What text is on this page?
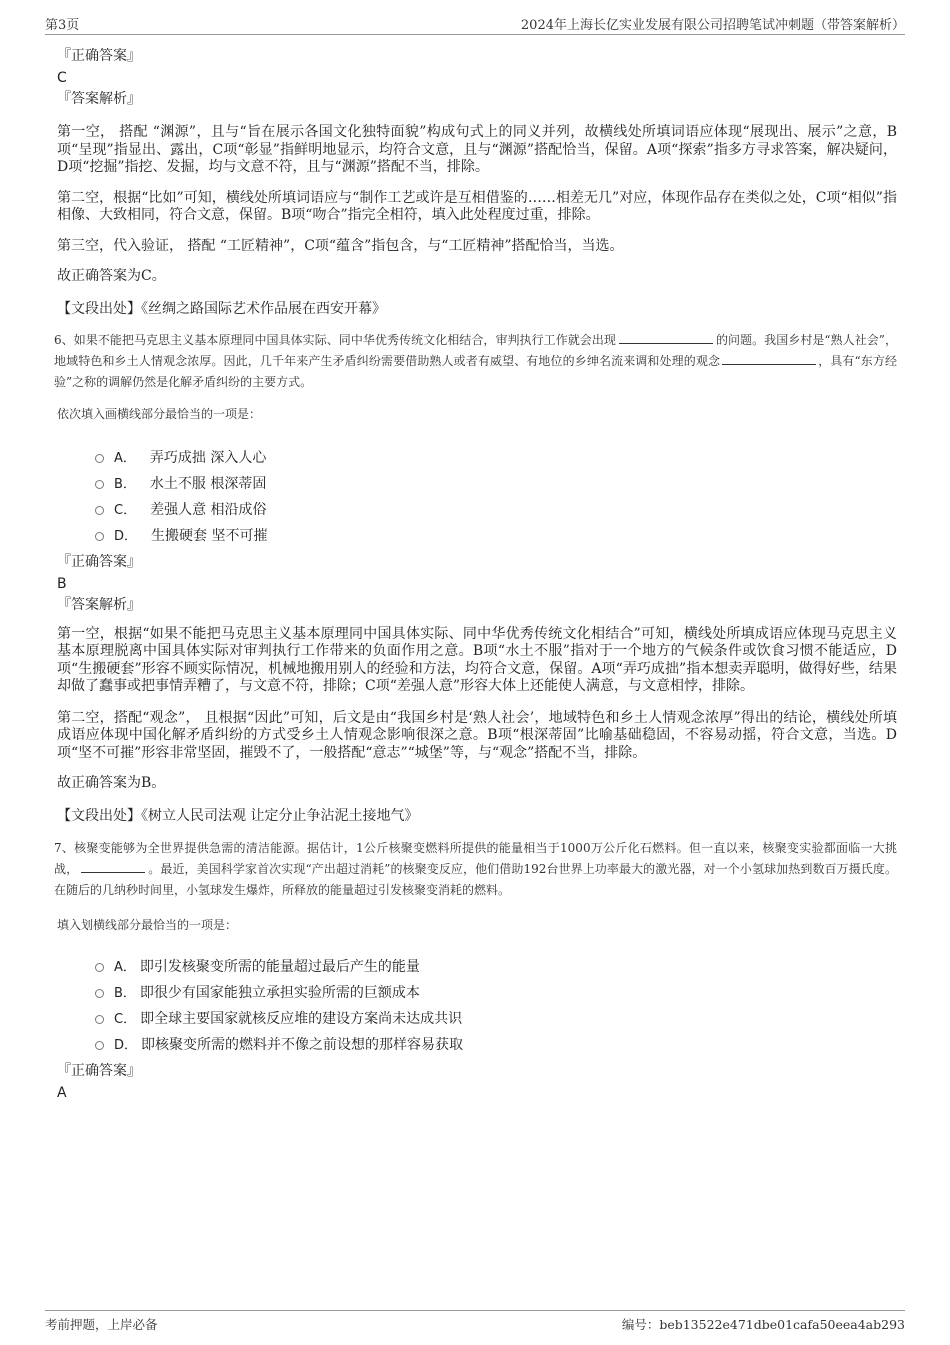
第3页	2024年上海长亿实业发展有限公司招聘笔试冲刺题（带答案解析）
『正确答案』
C
『答案解析』

第一空， 搭配 “渊源”，且与“旨在展示各国文化独特面貌”构成句式上的同义并列，故横线处所填词语应体现“展现出、展示”之意，B项“呈现”指显出、露出，C项“彰显”指鲜明地显示，均符合文意，且与“渊源”搭配恰当，保留。A项“探索”指多方寻求答案，解决疑问，D项“挖掘”指挖、发掘，均与文意不符，且与“渊源”搭配不当，排除。

第二空，根据“比如”可知，横线处所填词语应与“制作工艺或许是互相借鉴的……相差无几”对应，体现作品存在类似之处，C项“相似”指相像、大致相同，符合文意，保留。B项“吻合”指完全相符，填入此处程度过重，排除。

第三空，代入验证， 搭配 “工匠精神”，C项“蕴含”指包含，与“工匠精神”搭配恰当，当选。

故正确答案为C。

【文段出处】《丝绸之路国际艺术作品展在西安开幕》

6、如果不能把马克思主义基本原理同中国具体实际、同中华优秀传统文化相结合，审判执行工作就会出现	的问题。我国乡村是“熟人社会”，地域特色和乡土人情观念浓厚。因此，几千年来产生矛盾纠纷需要借助熟人或者有威望、有地位的乡绅名流来调和处理的观念	，具有“东方经验”之称的调解仍然是化解矛盾纠纷的主要方式。

依次填入画横线部分最恰当的一项是：
A． 弄巧成拙 深入人心
B． 水土不服 根深蒂固
C． 差强人意 相沿成俗
D． 生搬硬套 坚不可摧
『正确答案』
B
『答案解析』

第一空，根据“如果不能把马克思主义基本原理同中国具体实际、同中华优秀传统文化相结合”可知，横线处所填成语应体现马克思主义基本原理脱离中国具体实际对审判执行工作带来的负面作用之意。B项“水土不服”指对于一个地方的气候条件或饮食习惯不能适应，D项“生搬硬套”形容不顾实际情况，机械地搬用别人的经验和方法，均符合文意，保留。A项“弄巧成拙”指本想卖弄聪明，做得好些，结果却做了蠢事或把事情弄糟了，与文意不符，排除；C项“差强人意”形容大体上还能使人满意，与文意相悖，排除。

第二空，搭配“观念”， 且根据“因此”可知，后文是由“我国乡村是‘熟人社会’，地域特色和乡土人情观念浓厚”得出的结论，横线处所填成语应体现中国化解矛盾纠纷的方式受乡土人情观念影响很深之意。B项“根深蒂固”比喻基础稳固，不容易动摇，符合文意，当选。D项“坚不可摧”形容非常坚固，摧毁不了，一般搭配“意志”“城堡”等，与“观念”搭配不当，排除。

故正确答案为B。

【文段出处】《树立人民司法观 让定分止争沾泥土接地气》

7、核聚变能够为全世界提供急需的清洁能源。据估计，1公斤核聚变燃料所提供的能量相当于1000万公斤化石燃料。但一直以来，核聚变实验都面临一大挑战，	。最近，美国科学家首次实现“产出超过消耗”的核聚变反应，他们借助192台世界上功率最大的激光器，对一个小氢球加热到数百万摄氏度。在随后的几纳秒时间里，小氢球发生爆炸，所释放的能量超过引发核聚变消耗的燃料。

填入划横线部分最恰当的一项是：
A． 即引发核聚变所需的能量超过最后产生的能量
B． 即很少有国家能独立承担实验所需的巨额成本
C． 即全球主要国家就核反应堆的建设方案尚未达成共识
D． 即核聚变所需的燃料并不像之前设想的那样容易获取
『正确答案』
A
考前押题，上岸必备	编号：beb13522e471dbe01cafa50eea4ab293
